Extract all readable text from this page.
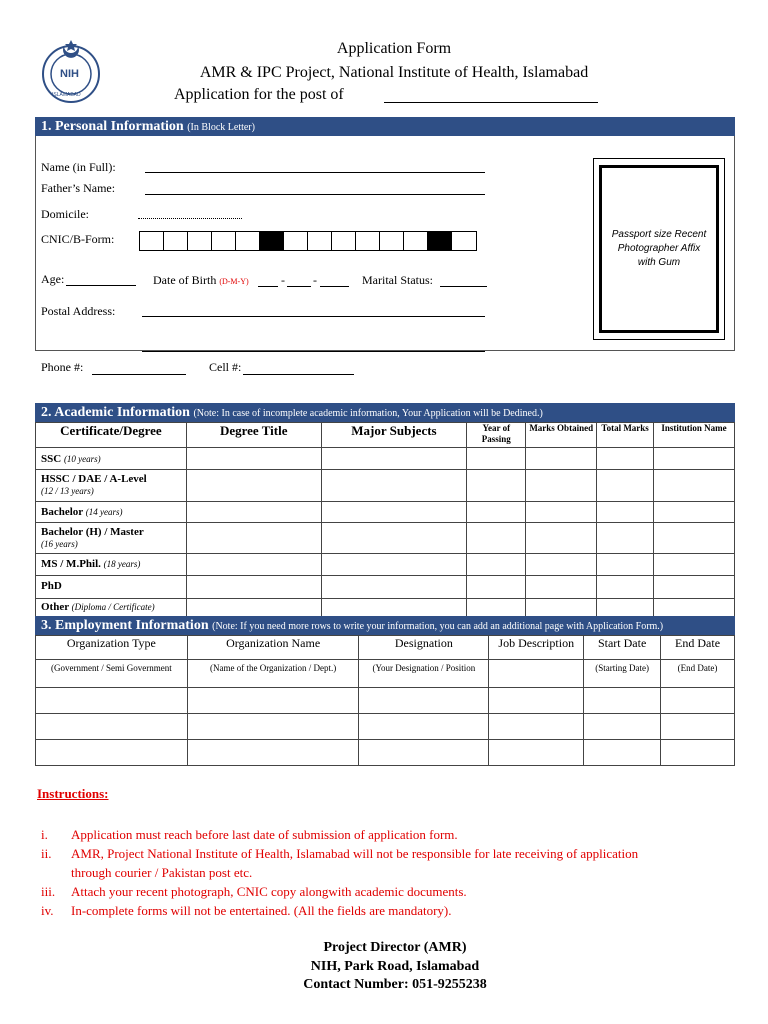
NIH
ISLAMABAD
Application Form
AMR & IPC Project, National Institute of Health, Islamabad
Application for the post of
1. Personal Information (In Block Letter)
Name (in Full):
Father’s Name:
Domicile:
CNIC/B-Form:
Age:	Date of Birth (D-M-Y)	- -	Marital Status:
Postal Address:
Passport size Recent Photographer Affix with Gum
Phone #:	Cell #:
2. Academic Information (Note: In case of incomplete academic information, Your Application will be Dedined.)
Certificate/Degree	Degree Title	Major Subjects	Year of Passing	Marks Obtained	Total Marks	Institution Name
SSC (10 years)						
HSSC / DAE / A-Level
(12 / 13 years)						
Bachelor (14 years)						
Bachelor (H) / Master
(16 years)						
MS / M.Phil. (18 years)						
PhD						
Other (Diploma / Certificate)						
3. Employment Information (Note: If you need more rows to write your information, you can add an additional page with Application Form.)
Organization Type	Organization Name	Designation	Job Description	Start Date	End Date
(Government / Semi Government	(Name of the Organization / Dept.)	(Your Designation / Position		(Starting Date)	(End Date)

Instructions:
i. Application must reach before last date of submission of application form.
ii. AMR, Project National Institute of Health, Islamabad will not be responsible for late receiving of application
through courier / Pakistan post etc.
iii. Attach your recent photograph, CNIC copy alongwith academic documents.
iv. In-complete forms will not be entertained. (All the fields are mandatory).
Project Director (AMR)
NIH, Park Road, Islamabad
Contact Number: 051-9255238
